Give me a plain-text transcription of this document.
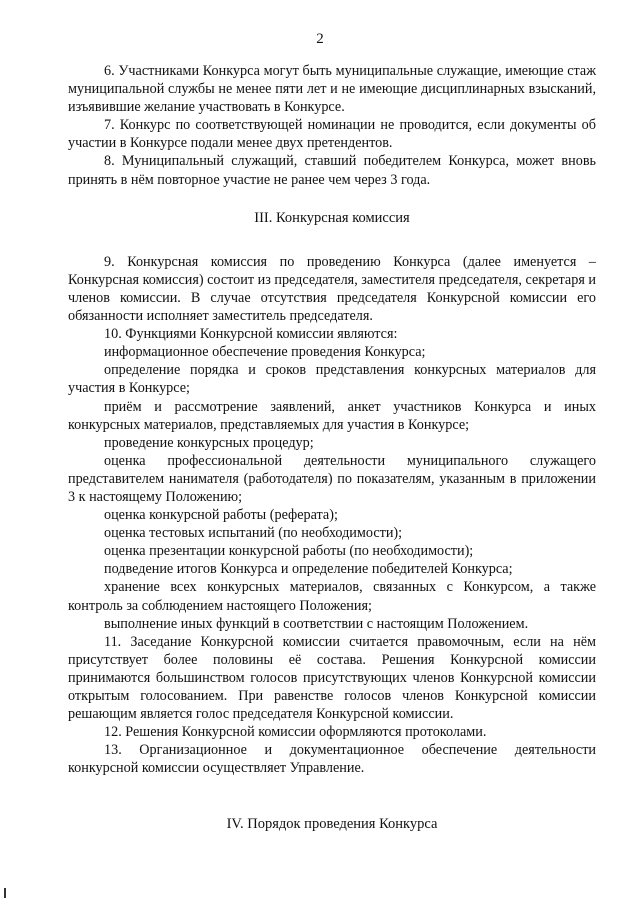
2

6. Участниками Конкурса могут быть муниципальные служащие, имеющие стаж муниципальной службы не менее пяти лет и не имеющие дисциплинарных взысканий, изъявившие желание участвовать в Конкурсе.

7. Конкурс по соответствующей номинации не проводится, если документы об участии в Конкурсе подали менее двух претендентов.

8. Муниципальный служащий, ставший победителем Конкурса, может вновь принять в нём повторное участие не ранее чем через 3 года.

III. Конкурсная комиссия

9. Конкурсная комиссия по проведению Конкурса (далее именуется – Конкурсная комиссия) состоит из председателя, заместителя председателя, секретаря и членов комиссии. В случае отсутствия председателя Конкурсной комиссии его обязанности исполняет заместитель председателя.

10. Функциями Конкурсной комиссии являются:

информационное обеспечение проведения Конкурса;

определение порядка и сроков представления конкурсных материалов для участия в Конкурсе;

приём и рассмотрение заявлений, анкет участников Конкурса и иных конкурсных материалов, представляемых для участия в Конкурсе;

проведение конкурсных процедур;

оценка профессиональной деятельности муниципального служащего представителем нанимателя (работодателя) по показателям, указанным в приложении 3 к настоящему Положению;

оценка конкурсной работы (реферата);

оценка тестовых испытаний (по необходимости);

оценка презентации конкурсной работы (по необходимости);

подведение итогов Конкурса и определение победителей Конкурса;

хранение всех конкурсных материалов, связанных с Конкурсом, а также контроль за соблюдением настоящего Положения;

выполнение иных функций в соответствии с настоящим Положением.

11. Заседание Конкурсной комиссии считается правомочным, если на нём присутствует более половины её состава. Решения Конкурсной комиссии принимаются большинством голосов присутствующих членов Конкурсной комиссии открытым голосованием. При равенстве голосов членов Конкурсной комиссии решающим является голос председателя Конкурсной комиссии.

12. Решения Конкурсной комиссии оформляются протоколами.

13. Организационное и документационное обеспечение деятельности конкурсной комиссии осуществляет Управление.

IV. Порядок проведения Конкурса
